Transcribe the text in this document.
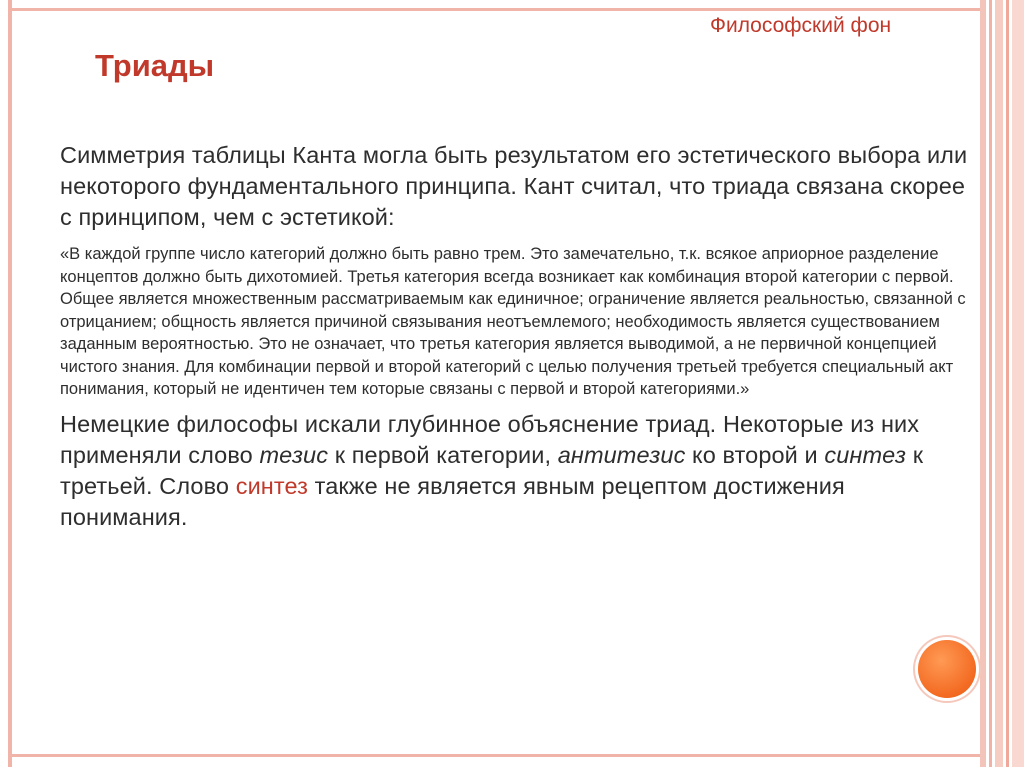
Философский фон
Триады

Симметрия таблицы Канта могла быть результатом его эстетического выбора или некоторого фундаментального принципа. Кант считал, что триада связана скорее с принципом, чем с эстетикой:

«В каждой группе число категорий должно быть равно трем. Это замечательно, т.к. всякое априорное разделение концептов должно быть дихотомией. Третья категория всегда возникает как комбинация второй категории с первой. Общее является множественным рассматриваемым как единичное; ограничение является реальностью, связанной с отрицанием; общность является причиной связывания неотъемлемого; необходимость является существованием заданным вероятностью. Это не означает, что третья категория является выводимой, а не первичной концепцией чистого знания. Для комбинации первой и второй категорий с целью получения третьей требуется специальный акт понимания, который не идентичен тем которые связаны с первой и второй категориями.»

Немецкие философы искали глубинное объяснение триад. Некоторые из них применяли слово тезис к первой категории, антитезис ко второй и синтез к третьей. Слово синтез также не является явным рецептом достижения понимания.
